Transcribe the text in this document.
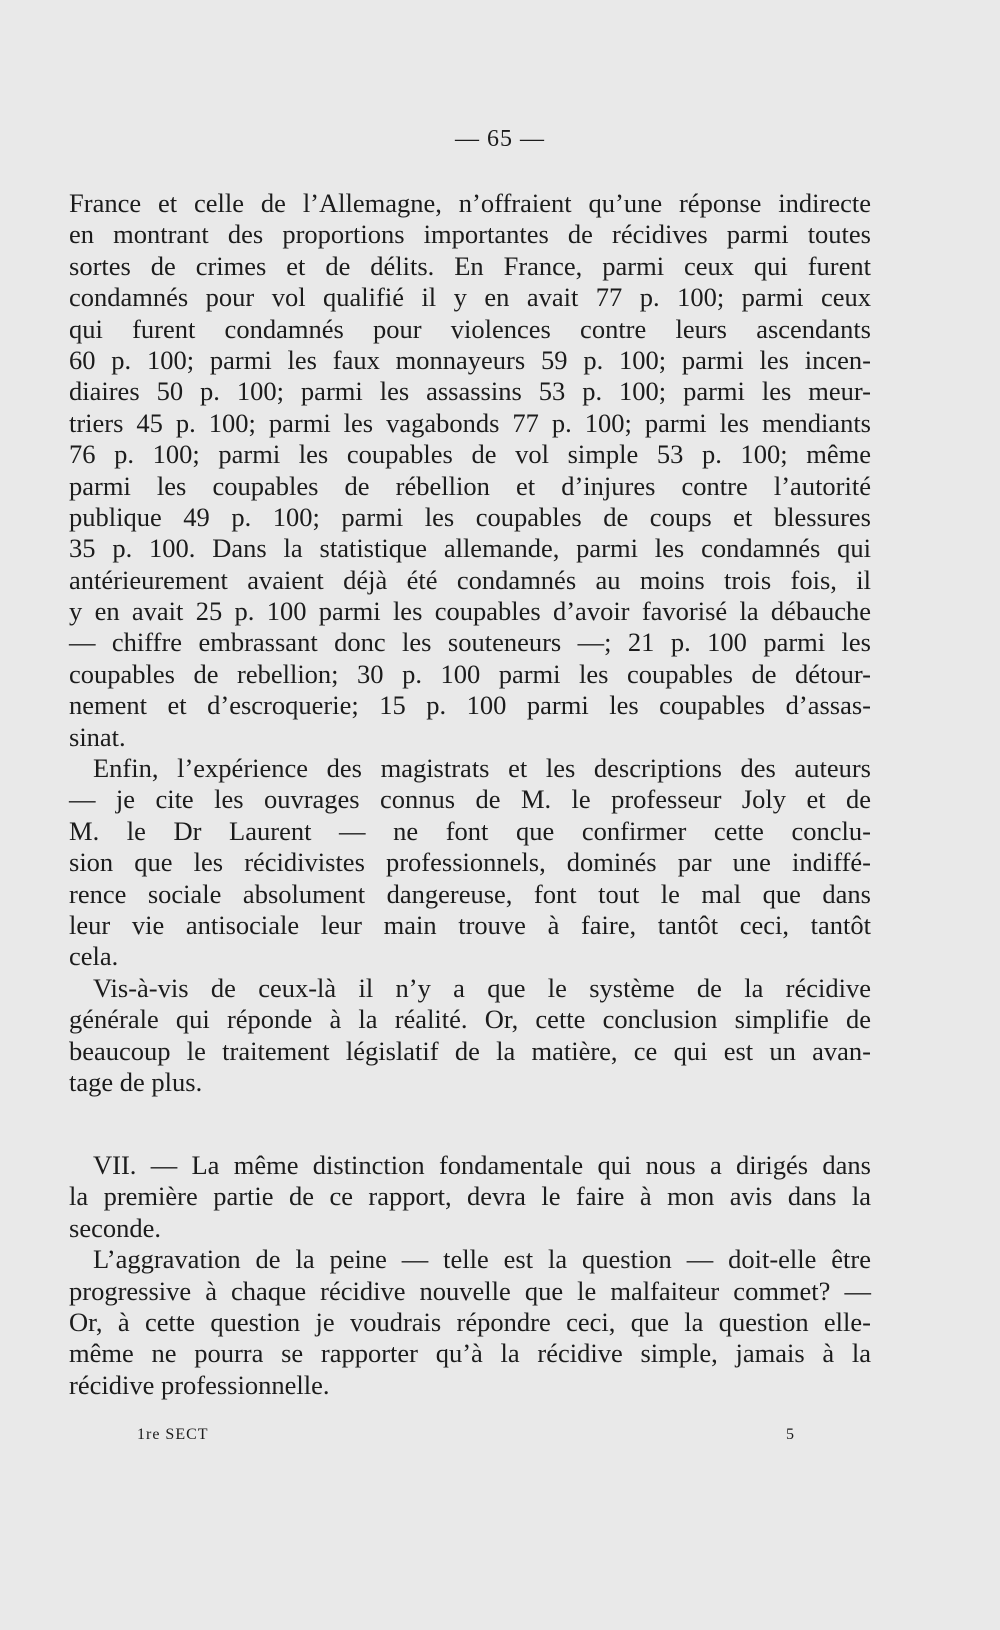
— 65 —
France et celle de l’Allemagne, n’offraient qu’une réponse indirecte
en montrant des proportions importantes de récidives parmi toutes
sortes de crimes et de délits. En France, parmi ceux qui furent
condamnés pour vol qualifié il y en avait 77 p. 100; parmi ceux
qui furent condamnés pour violences contre leurs ascendants
60 p. 100; parmi les faux monnayeurs 59 p. 100; parmi les incen-
diaires 50 p. 100; parmi les assassins 53 p. 100; parmi les meur-
triers 45 p. 100; parmi les vagabonds 77 p. 100; parmi les mendiants
76 p. 100; parmi les coupables de vol simple 53 p. 100; même
parmi les coupables de rébellion et d’injures contre l’autorité
publique 49 p. 100; parmi les coupables de coups et blessures
35 p. 100. Dans la statistique allemande, parmi les condamnés qui
antérieurement avaient déjà été condamnés au moins trois fois, il
y en avait 25 p. 100 parmi les coupables d’avoir favorisé la débauche
— chiffre embrassant donc les souteneurs —; 21 p. 100 parmi les
coupables de rebellion; 30 p. 100 parmi les coupables de détour-
nement et d’escroquerie; 15 p. 100 parmi les coupables d’assas-
sinat.
Enfin, l’expérience des magistrats et les descriptions des auteurs
— je cite les ouvrages connus de M. le professeur Joly et de
M. le Dr Laurent — ne font que confirmer cette conclu-
sion que les récidivistes professionnels, dominés par une indiffé-
rence sociale absolument dangereuse, font tout le mal que dans
leur vie antisociale leur main trouve à faire, tantôt ceci, tantôt
cela.
Vis-à-vis de ceux-là il n’y a que le système de la récidive
générale qui réponde à la réalité. Or, cette conclusion simplifie de
beaucoup le traitement législatif de la matière, ce qui est un avan-
tage de plus.
VII. — La même distinction fondamentale qui nous a dirigés dans
la première partie de ce rapport, devra le faire à mon avis dans la
seconde.
L’aggravation de la peine — telle est la question — doit-elle être
progressive à chaque récidive nouvelle que le malfaiteur commet? —
Or, à cette question je voudrais répondre ceci, que la question elle-
même ne pourra se rapporter qu’à la récidive simple, jamais à la
récidive professionnelle.
1re SECT	5
